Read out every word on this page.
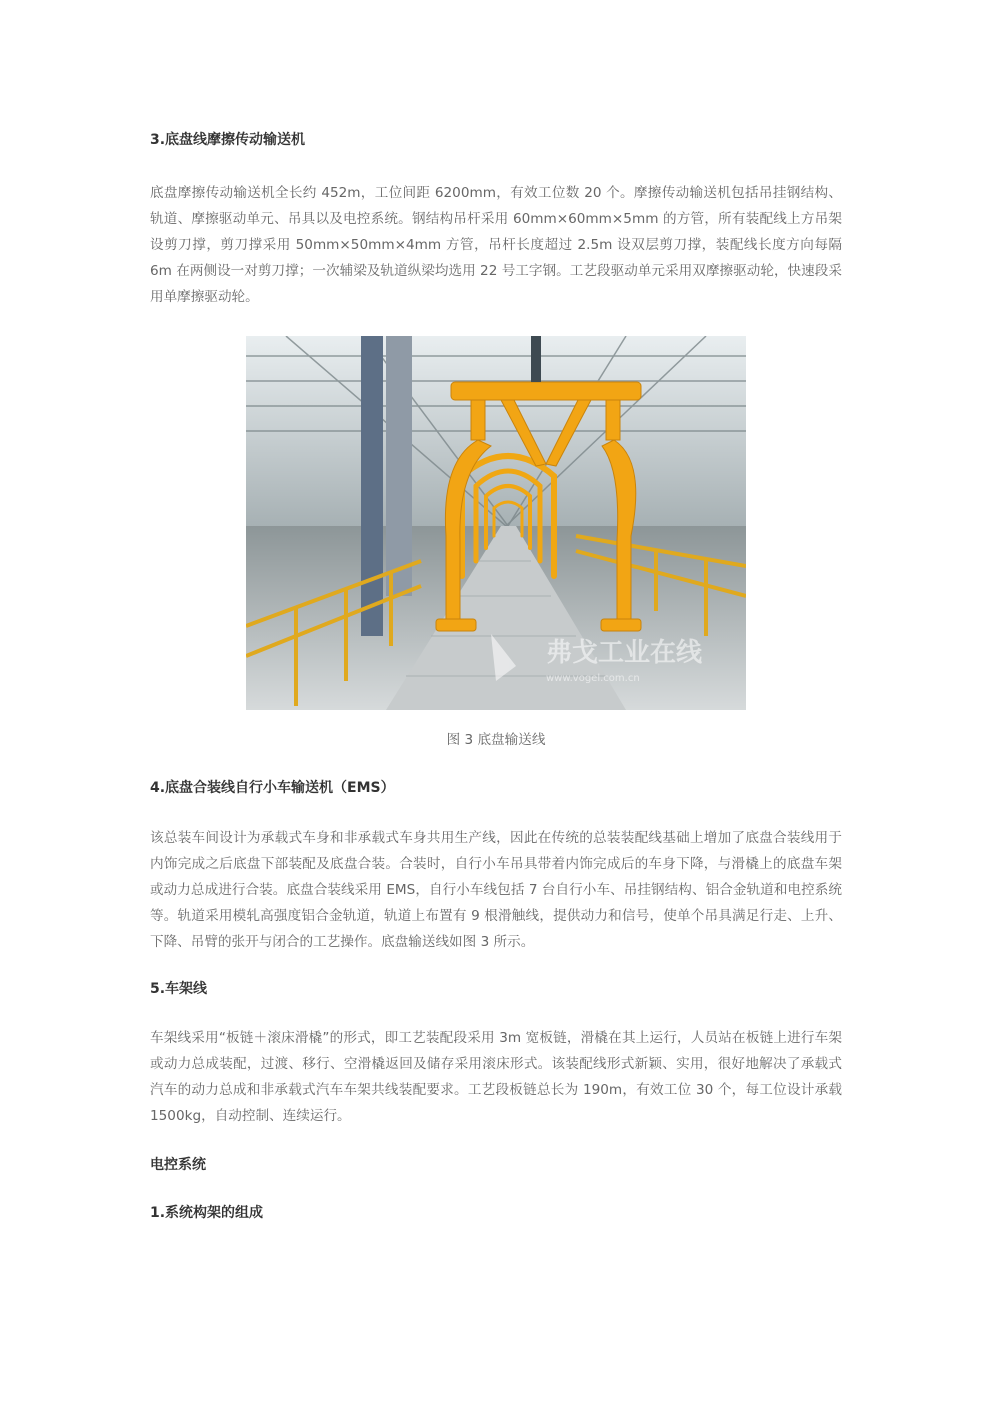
3.底盘线摩擦传动输送机

底盘摩擦传动输送机全长约 452m，工位间距 6200mm，有效工位数 20 个。摩擦传动输送机包括吊挂钢结构、轨道、摩擦驱动单元、吊具以及电控系统。钢结构吊杆采用 60mm×60mm×5mm 的方管，所有装配线上方吊架设剪刀撑，剪刀撑采用 50mm×50mm×4mm 方管，吊杆长度超过 2.5m 设双层剪刀撑，装配线长度方向每隔 6m 在两侧设一对剪刀撑；一次辅梁及轨道纵梁均选用 22 号工字钢。工艺段驱动单元采用双摩擦驱动轮，快速段采用单摩擦驱动轮。

弗戈工业在线
www.vogel.com.cn
图 3 底盘输送线
4.底盘合装线自行小车输送机（EMS）

该总装车间设计为承载式车身和非承载式车身共用生产线，因此在传统的总装装配线基础上增加了底盘合装线用于内饰完成之后底盘下部装配及底盘合装。合装时，自行小车吊具带着内饰完成后的车身下降，与滑橇上的底盘车架或动力总成进行合装。底盘合装线采用 EMS，自行小车线包括 7 台自行小车、吊挂钢结构、铝合金轨道和电控系统等。轨道采用模轧高强度铝合金轨道，轨道上布置有 9 根滑触线，提供动力和信号，使单个吊具满足行走、上升、下降、吊臂的张开与闭合的工艺操作。底盘输送线如图 3 所示。

5.车架线

车架线采用“板链＋滚床滑橇”的形式，即工艺装配段采用 3m 宽板链，滑橇在其上运行，人员站在板链上进行车架或动力总成装配，过渡、移行、空滑橇返回及储存采用滚床形式。该装配线形式新颖、实用，很好地解决了承载式汽车的动力总成和非承载式汽车车架共线装配要求。工艺段板链总长为 190m，有效工位 30 个，每工位设计承载 1500kg，自动控制、连续运行。

电控系统
1.系统构架的组成
